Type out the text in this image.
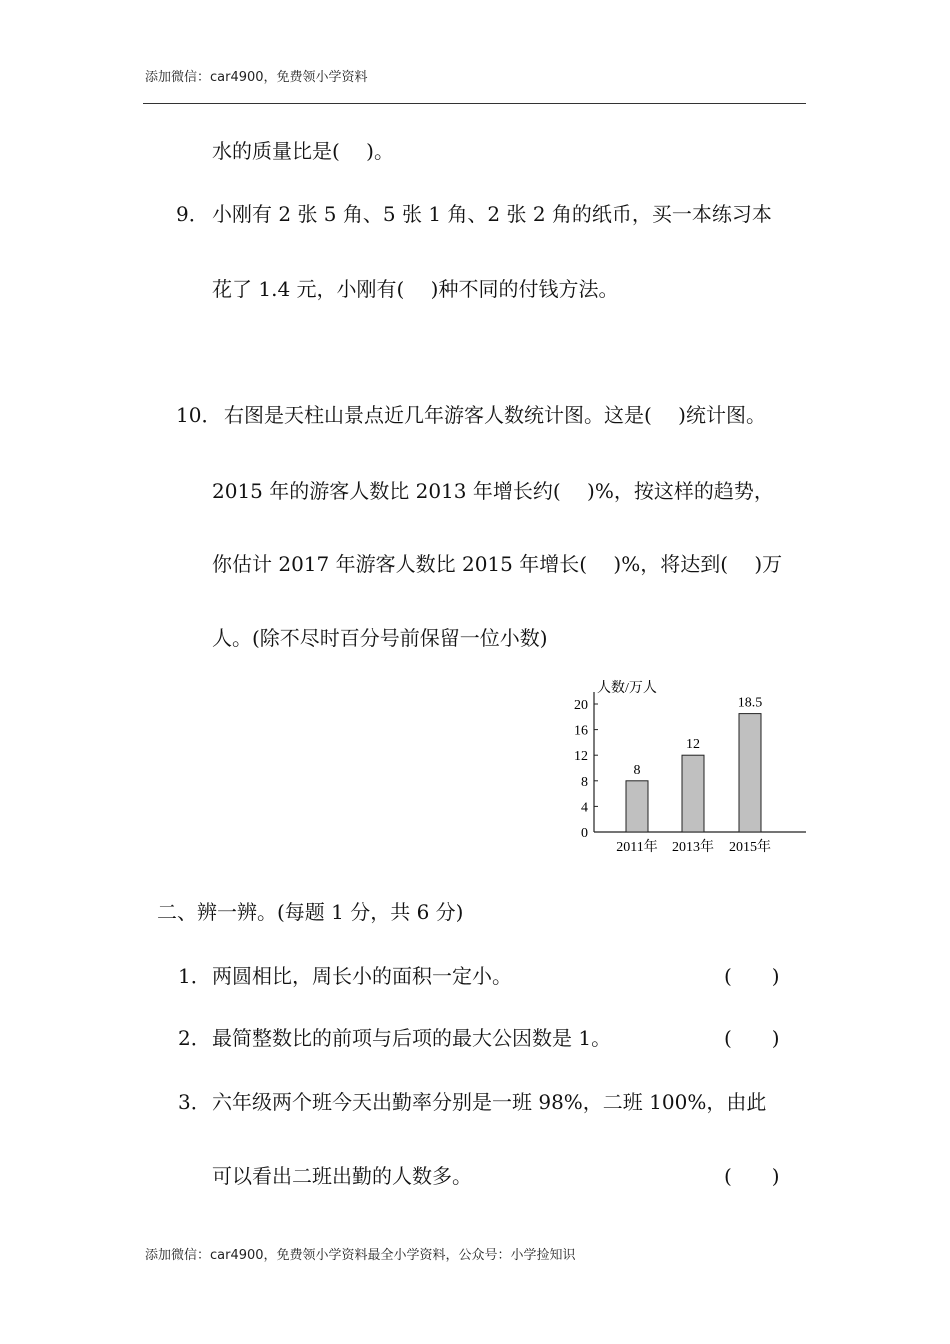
添加微信：car4900，免费领小学资料
水的质量比是(　 )。
9． 小刚有 2 张 5 角、5 张 1 角、2 张 2 角的纸币，买一本练习本
花了 1.4 元，小刚有(　 )种不同的付钱方法。
10． 右图是天柱山景点近几年游客人数统计图。这是(　 )统计图。
2015 年的游客人数比 2013 年增长约(　 )%，按这样的趋势，
你估计 2017 年游客人数比 2015 年增长(　 )%，将达到(　 )万
人。(除不尽时百分号前保留一位小数)
人数/万人
0
4
8
12
16
20
8
2011年
12
2013年
18.5
2015年
二、辨一辨。(每题 1 分，共 6 分)
1． 两圆相比，周长小的面积一定小。	(　　)
2． 最简整数比的前项与后项的最大公因数是 1。	(　　)
3． 六年级两个班今天出勤率分别是一班 98%，二班 100%，由此
可以看出二班出勤的人数多。	(　　)
添加微信：car4900，免费领小学资料最全小学资料，公众号：小学捡知识
